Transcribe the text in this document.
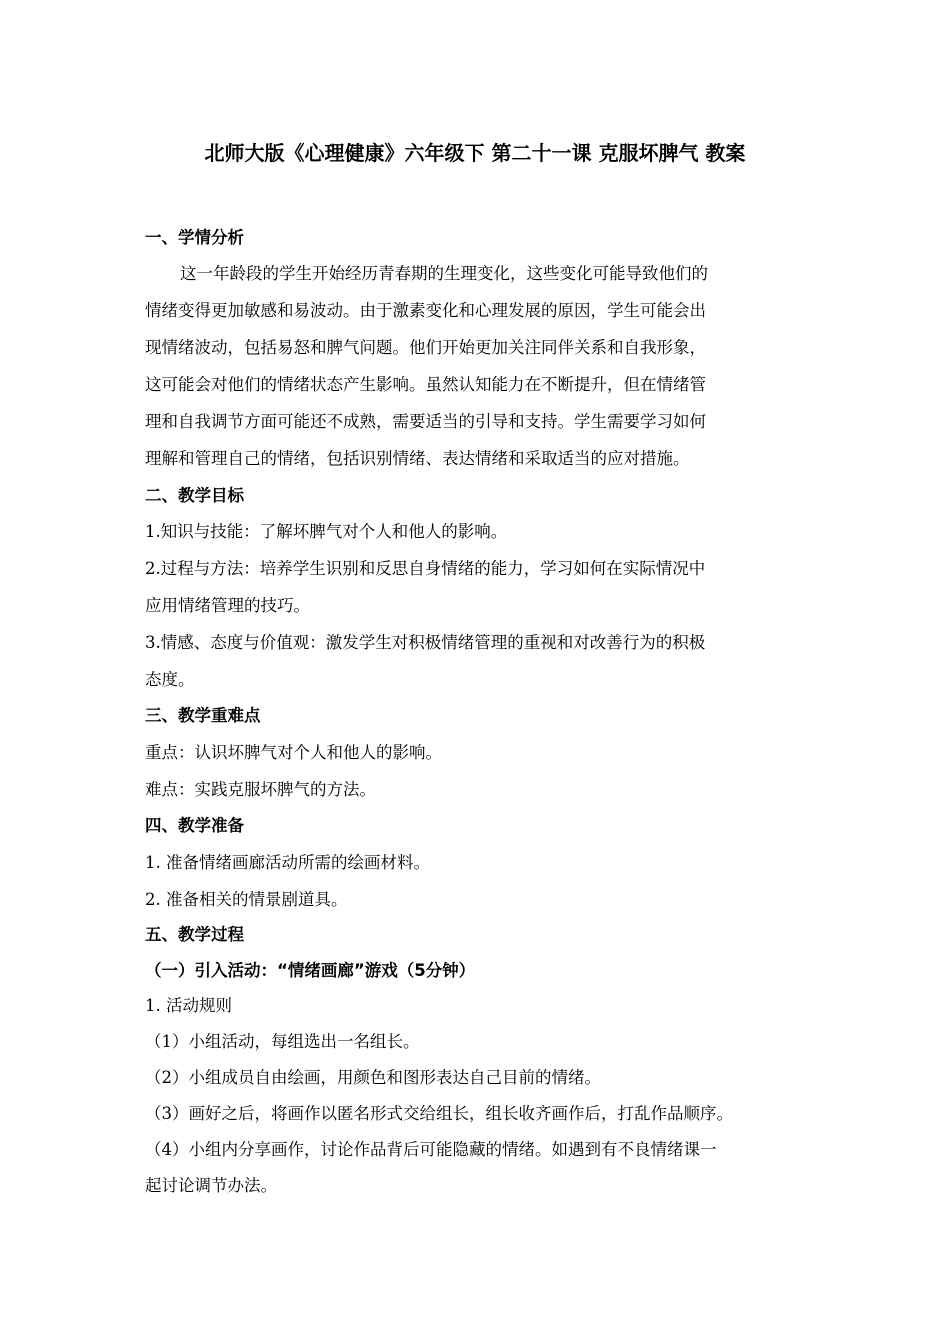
北师大版《心理健康》六年级下 第二十一课 克服坏脾气 教案
一、学情分析
这一年龄段的学生开始经历青春期的生理变化，这些变化可能导致他们的
情绪变得更加敏感和易波动。由于激素变化和心理发展的原因，学生可能会出
现情绪波动，包括易怒和脾气问题。他们开始更加关注同伴关系和自我形象，
这可能会对他们的情绪状态产生影响。虽然认知能力在不断提升，但在情绪管
理和自我调节方面可能还不成熟，需要适当的引导和支持。学生需要学习如何
理解和管理自己的情绪，包括识别情绪、表达情绪和采取适当的应对措施。
二、教学目标
1.知识与技能：了解坏脾气对个人和他人的影响。
2.过程与方法：培养学生识别和反思自身情绪的能力，学习如何在实际情况中
应用情绪管理的技巧。
3.情感、态度与价值观：激发学生对积极情绪管理的重视和对改善行为的积极
态度。
三、教学重难点
重点：认识坏脾气对个人和他人的影响。
难点：实践克服坏脾气的方法。
四、教学准备
1. 准备情绪画廊活动所需的绘画材料。
2. 准备相关的情景剧道具。
五、教学过程
（一）引入活动：“情绪画廊”游戏（5分钟）
1. 活动规则
（1）小组活动，每组选出一名组长。
（2）小组成员自由绘画，用颜色和图形表达自己目前的情绪。
（3）画好之后，将画作以匿名形式交给组长，组长收齐画作后，打乱作品顺序。
（4）小组内分享画作，讨论作品背后可能隐藏的情绪。如遇到有不良情绪课一
起讨论调节办法。
